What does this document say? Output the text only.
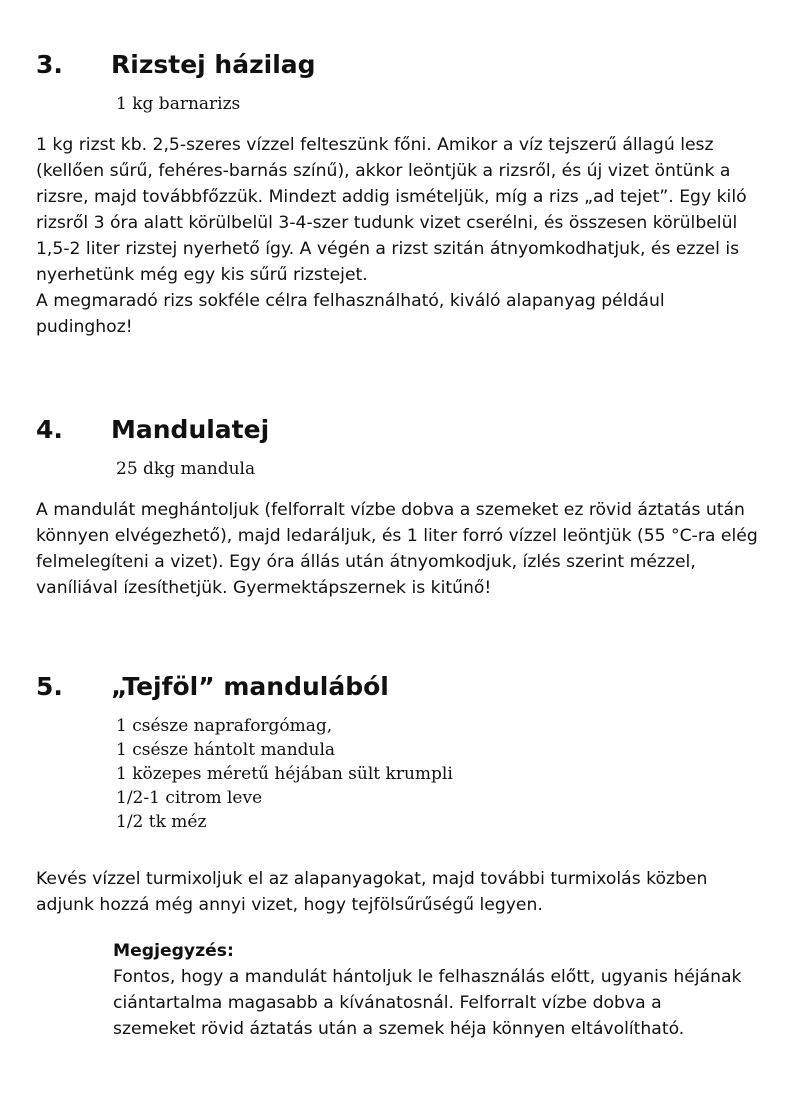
3.	Rizstej házilag
1 kg barnarizs

1 kg rizst kb. 2,5-szeres vízzel felteszünk főni. Amikor a víz tejszerű állagú lesz (kellően sűrű, fehéres-barnás színű), akkor leöntjük a rizsről, és új vizet öntünk a rizsre, majd továbbfőzzük. Mindezt addig ismételjük, míg a rizs „ad tejet”. Egy kiló rizsről 3 óra alatt körülbelül 3-4-szer tudunk vizet cserélni, és összesen körülbelül 1,5-2 liter rizstej nyerhető így. A végén a rizst szitán átnyomkodhatjuk, és ezzel is nyerhetünk még egy kis sűrű rizstejet.

A megmaradó rizs sokféle célra felhasználható, kiváló alapanyag például pudinghoz!

4.	Mandulatej
25 dkg mandula

A mandulát meghántoljuk (felforralt vízbe dobva a szemeket ez rövid áztatás után könnyen elvégezhető), majd ledaráljuk, és 1 liter forró vízzel leöntjük (55 °C-ra elég felmelegíteni a vizet). Egy óra állás után átnyomkodjuk, ízlés szerint mézzel, vaníliával ízesíthetjük. Gyermektápszernek is kitűnő!

5.	„Tejföl” mandulából
1 csésze napraforgómag,
1 csésze hántolt mandula
1 közepes méretű héjában sült krumpli
1/2-1 citrom leve
1/2 tk méz

Kevés vízzel turmixoljuk el az alapanyagokat, majd további turmixolás közben adjunk hozzá még annyi vizet, hogy tejfölsűrűségű legyen.

Megjegyzés:

Fontos, hogy a mandulát hántoljuk le felhasználás előtt, ugyanis héjának ciántartalma magasabb a kívánatosnál. Felforralt vízbe dobva a szemeket rövid áztatás után a szemek héja könnyen eltávolítható.
